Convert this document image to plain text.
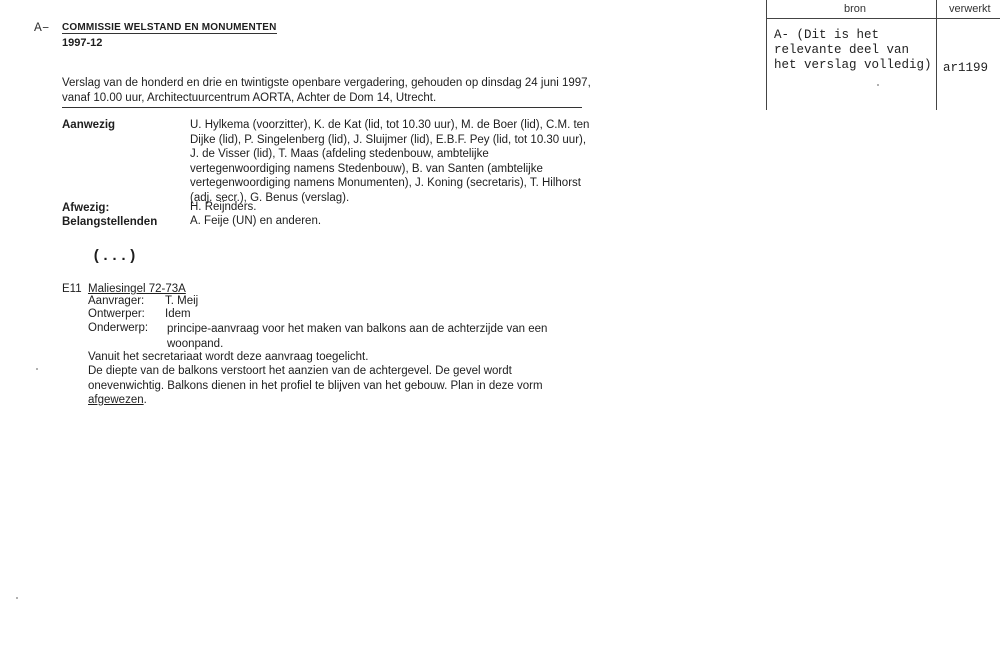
A– COMMISSIE WELSTAND EN MONUMENTEN
1997-12
Verslag van de honderd en drie en twintigste openbare vergadering, gehouden op dinsdag 24 juni 1997, vanaf 10.00 uur, Architectuurcentrum AORTA, Achter de Dom 14, Utrecht.
Aanwezig	U. Hylkema (voorzitter), K. de Kat (lid, tot 10.30 uur), M. de Boer (lid), C.M. ten Dijke (lid), P. Singelenberg (lid), J. Sluijmer (lid), E.B.F. Pey (lid, tot 10.30 uur), J. de Visser (lid), T. Maas (afdeling stedenbouw, ambtelijke vertegenwoordiging namens Stedenbouw), B. van Santen (ambtelijke vertegenwoordiging namens Monumenten), J. Koning (secretaris), T. Hilhorst (adj. secr.), G. Benus (verslag).
Afwezig:	H. Reijnders.
Belangstellenden	A. Feije (UN) en anderen.
(...)
E11 Maliesingel 72-73A
Aanvrager: T. Meij
Ontwerper: Idem
Onderwerp: principe-aanvraag voor het maken van balkons aan de achterzijde van een woonpand.
Vanuit het secretariaat wordt deze aanvraag toegelicht.
De diepte van de balkons verstoort het aanzien van de achtergevel. De gevel wordt onevenwichtig. Balkons dienen in het profiel te blijven van het gebouw. Plan in deze vorm afgewezen.
bron	verwerkt
A- (Dit is het relevante deel van het verslag volledig) ar1199
